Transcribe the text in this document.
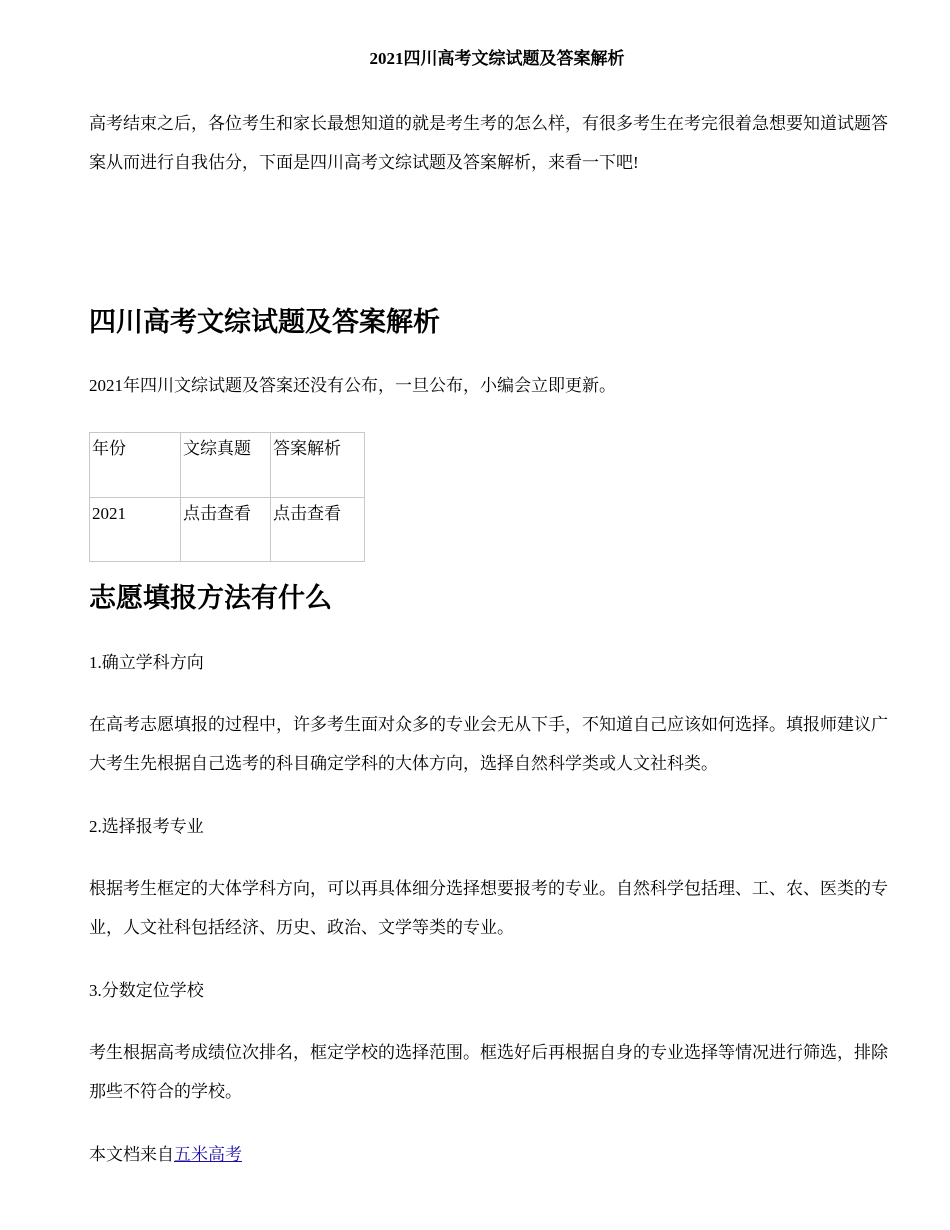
2021四川高考文综试题及答案解析

高考结束之后，各位考生和家长最想知道的就是考生考的怎么样，有很多考生在考完很着急想要知道试题答案从而进行自我估分，下面是四川高考文综试题及答案解析，来看一下吧!

四川高考文综试题及答案解析

2021年四川文综试题及答案还没有公布，一旦公布，小编会立即更新。

年份	文综真题	答案解析
2021	点击查看	点击查看
志愿填报方法有什么

1.确立学科方向

在高考志愿填报的过程中，许多考生面对众多的专业会无从下手，不知道自己应该如何选择。填报师建议广大考生先根据自己选考的科目确定学科的大体方向，选择自然科学类或人文社科类。

2.选择报考专业

根据考生框定的大体学科方向，可以再具体细分选择想要报考的专业。自然科学包括理、工、农、医类的专业，人文社科包括经济、历史、政治、文学等类的专业。

3.分数定位学校

考生根据高考成绩位次排名，框定学校的选择范围。框选好后再根据自身的专业选择等情况进行筛选，排除那些不符合的学校。

本文档来自五米高考
